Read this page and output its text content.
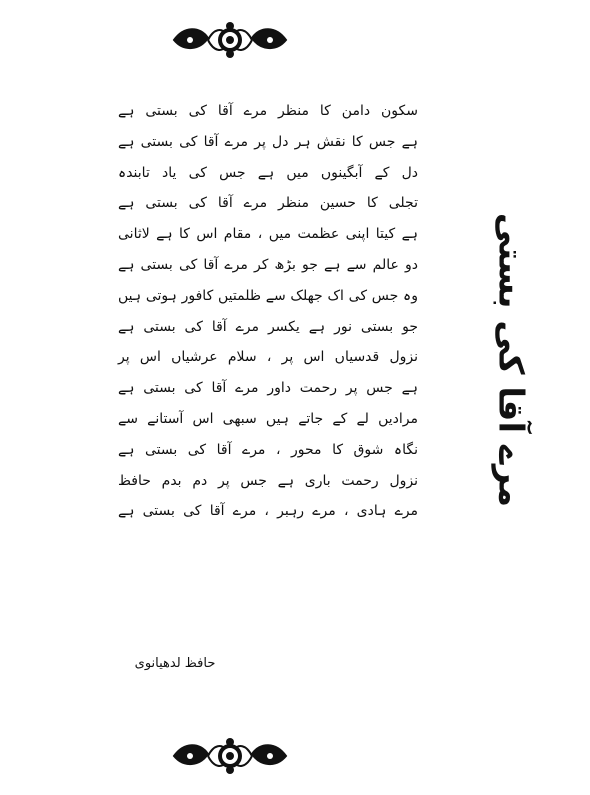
سکون دامن کا منظر مرے آقا کی بستی ہے
ہے جس کا نقش ہر دل پر مرے آقا کی بستی ہے
دل کے آبگینوں میں ہے جس کی یاد تابندہ
تجلی کا حسین منظر مرے آقا کی بستی ہے
ہے کیتا اپنی عظمت میں ، مقام اس کا ہے لاثانی
دو عالم سے ہے جو بڑھ کر مرے آقا کی بستی ہے
وہ جس کی اک جھلک سے ظلمتیں کافور ہوتی ہیں
جو بستی نور ہے یکسر مرے آقا کی بستی ہے
نزول قدسیاں اس پر ، سلام عرشیاں اس پر
ہے جس پر رحمت داور مرے آقا کی بستی ہے
مرادیں لے کے جاتے ہیں سبھی اس آستانے سے
نگاہ شوق کا محور ، مرے آقا کی بستی ہے
نزول رحمت باری ہے جس پر دم بدم حافظ
مرے ہادی ، مرے رہبر ، مرے آقا کی بستی ہے
حافظ لدھیانوی
مرے آقا کی بستی
